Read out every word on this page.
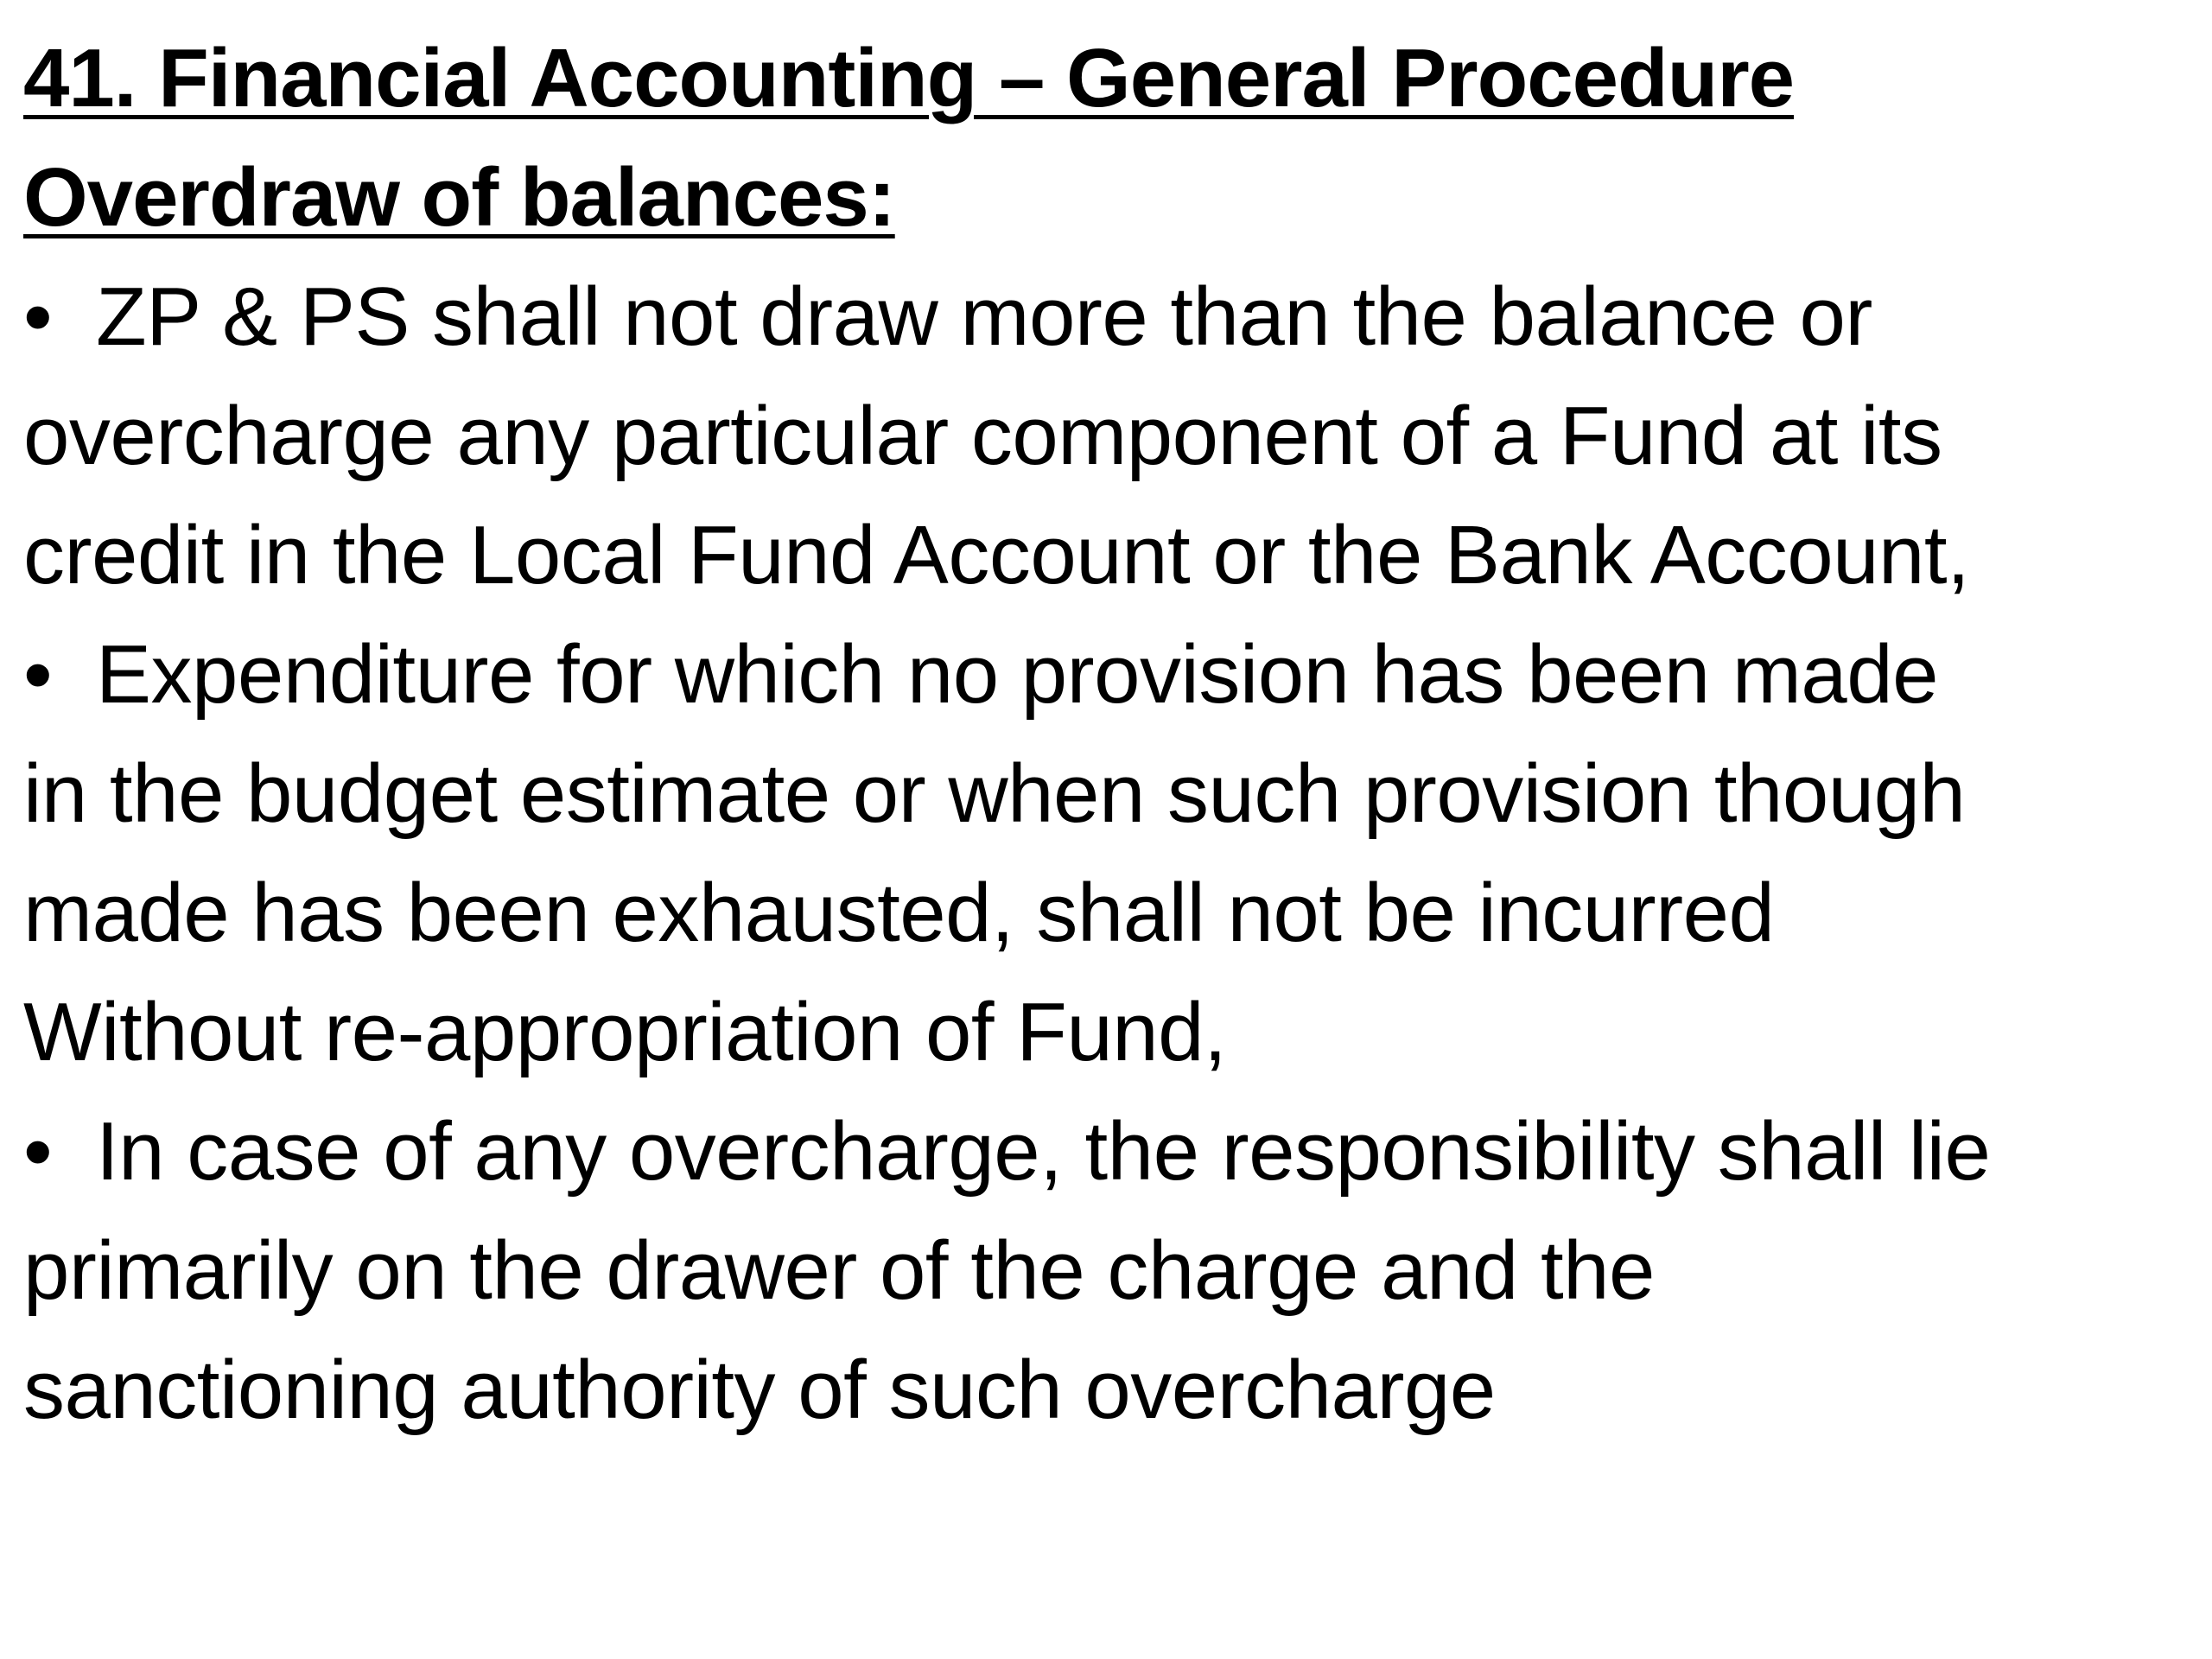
41. Financial Accounting – General Procedure
Overdraw of balances:
• ZP & PS shall not draw more than the balance or
overcharge any particular component of a Fund at its
credit in the Local Fund Account or the Bank Account,
• Expenditure for which no provision has been made
in the budget estimate or when such provision though
made has been exhausted, shall not be incurred
Without re-appropriation of Fund,
• In case of any overcharge, the responsibility shall lie
primarily on the drawer of the charge and the
sanctioning authority of such overcharge
